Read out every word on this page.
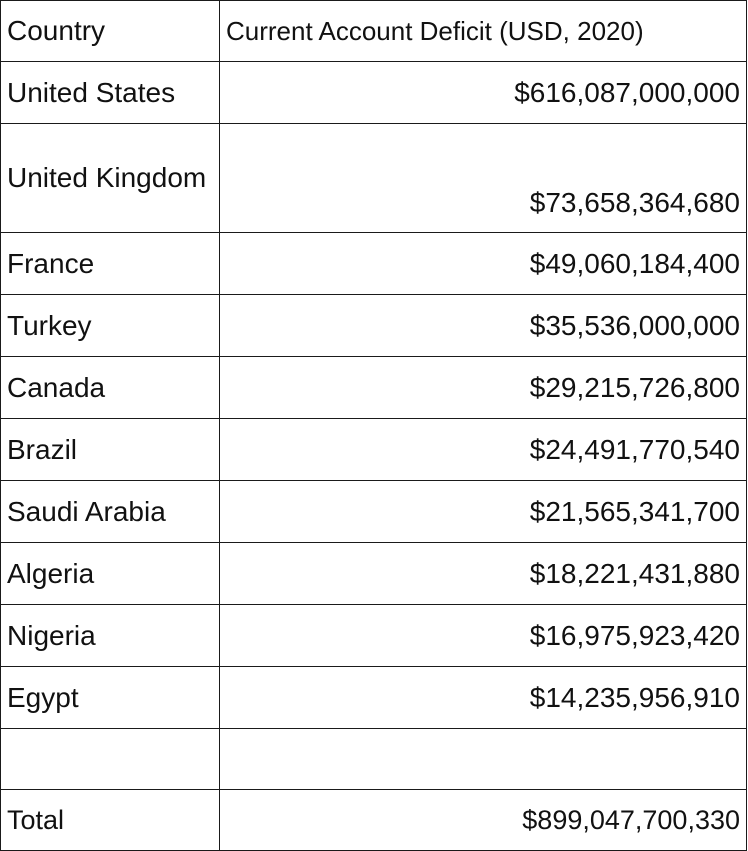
Country	Current Account Deficit (USD, 2020)
United States	$616,087,000,000
United Kingdom	$73,658,364,680
France	$49,060,184,400
Turkey	$35,536,000,000
Canada	$29,215,726,800
Brazil	$24,491,770,540
Saudi Arabia	$21,565,341,700
Algeria	$18,221,431,880
Nigeria	$16,975,923,420
Egypt	$14,235,956,910

Total	$899,047,700,330
